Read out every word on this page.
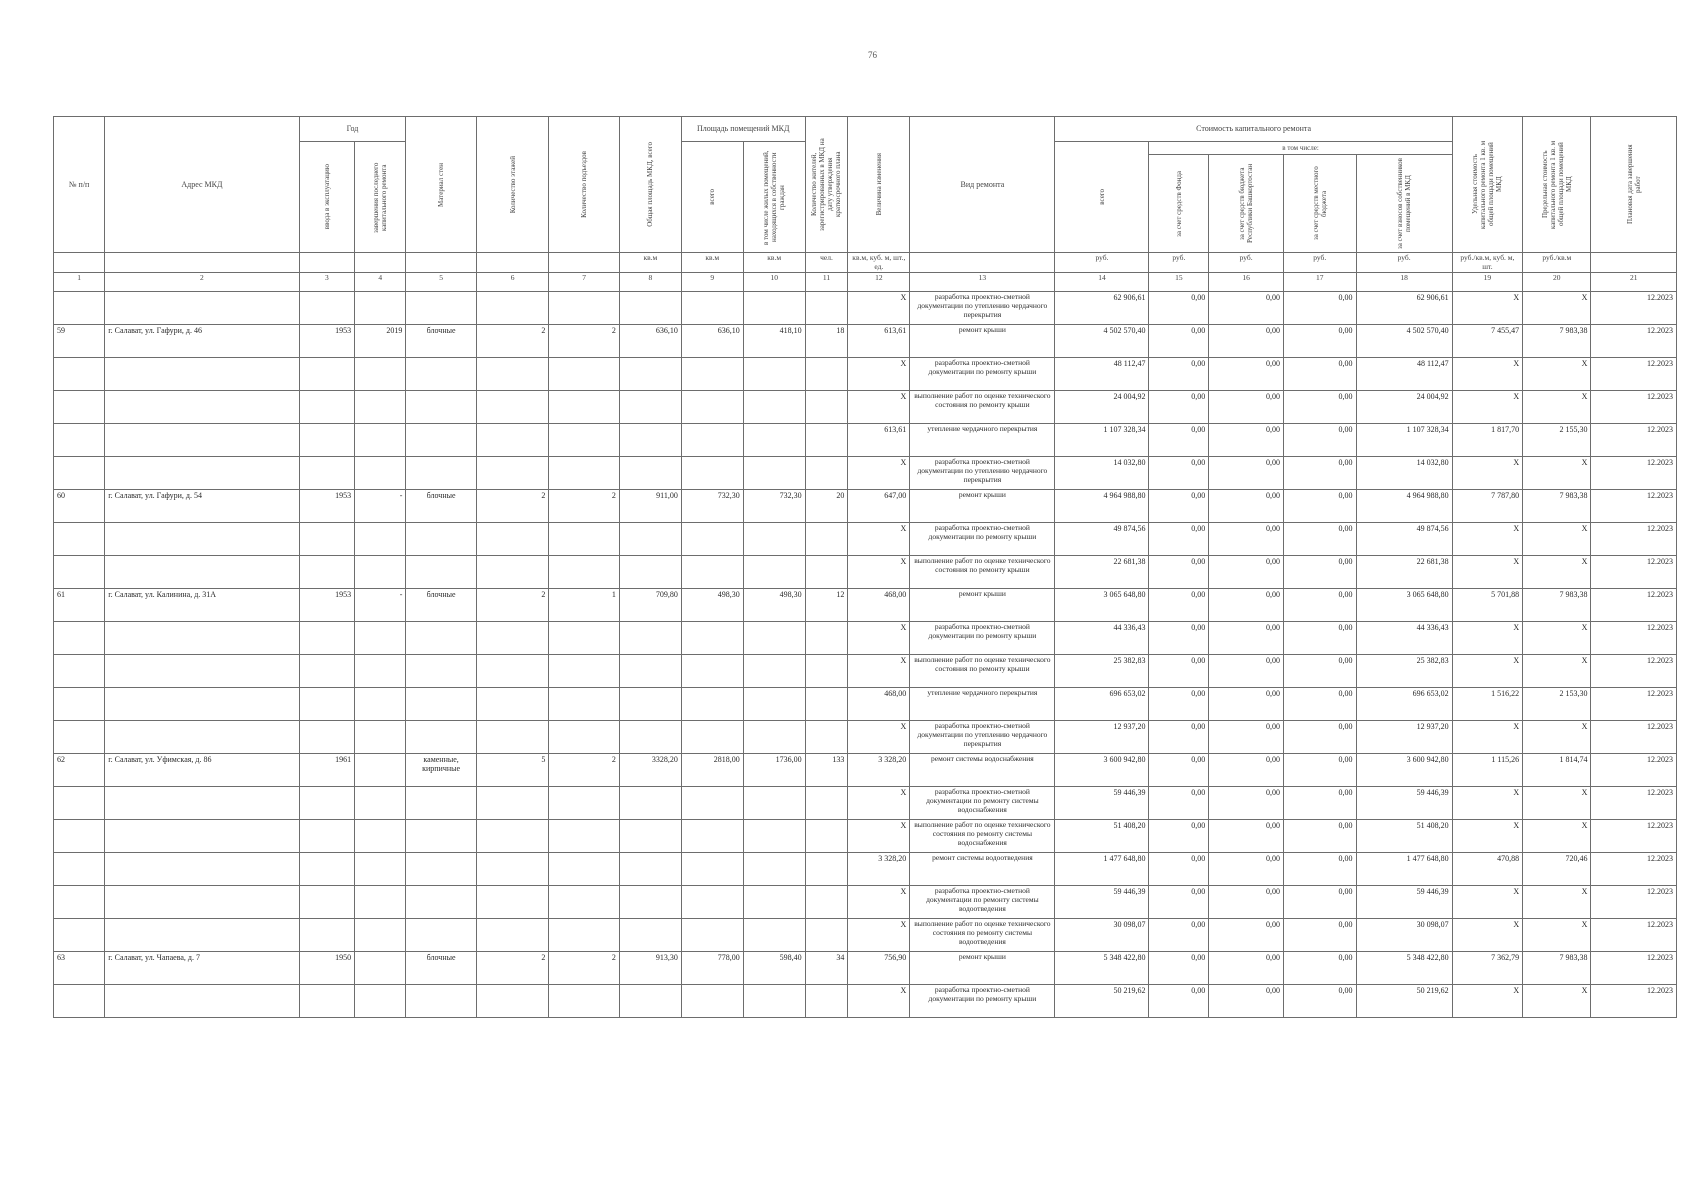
76
№ п/п	Адрес МКД	Год		Материал стен	Количество этажей	Количество подъездов	Общая площадь МКД, всего	Площадь помещений МКД		Количество жителей, зарегистрированных в МКД на дату утверждения краткосрочного плана	Величина изменения	Вид ремонта	Стоимость капитального ремонта					Удельная стоимость капитального ремонта 1 кв. м общей площади помещений МКД	Предельная стоимость капитального ремонта 1 кв. м общей площади помещений МКД	Плановая дата завершения работ

		ввода в эксплуатацию	завершения последнего капитального ремонта					всего	в том числе жилых помещений, находящихся в собственности граждан				всего	в том числе:						

														за счет средств Фонда	за счет средств бюджета Республики Башкортостан	за счет средств местного бюджета	за счет взносов собственников помещений в МКД			

							кв.м	кв.м	кв.м	чел.	кв.м, куб. м, шт., ед.		руб.	руб.	руб.	руб.	руб.	руб./кв.м, куб. м, шт.	руб./кв.м	
1	2	3	4	5	6	7	8	9	10	11	12	13	14	15	16	17	18	19	20	21
											X	разработка проектно-сметной документации по утеплению чердачного перекрытия	62 906,61	0,00	0,00	0,00	62 906,61	X	X	12.2023
59	г. Салават, ул. Гафури, д. 46	1953	2019	блочные	2	2	636,10	636,10	418,10	18	613,61	ремонт крыши	4 502 570,40	0,00	0,00	0,00	4 502 570,40	7 455,47	7 983,38	12.2023
											X	разработка проектно-сметной документации по ремонту крыши	48 112,47	0,00	0,00	0,00	48 112,47	X	X	12.2023
											X	выполнение работ по оценке технического состояния по ремонту крыши	24 004,92	0,00	0,00	0,00	24 004,92	X	X	12.2023
											613,61	утепление чердачного перекрытия	1 107 328,34	0,00	0,00	0,00	1 107 328,34	1 817,70	2 155,30	12.2023
											X	разработка проектно-сметной документации по утеплению чердачного перекрытия	14 032,80	0,00	0,00	0,00	14 032,80	X	X	12.2023
60	г. Салават, ул. Гафури, д. 54	1953	-	блочные	2	2	911,00	732,30	732,30	20	647,00	ремонт крыши	4 964 988,80	0,00	0,00	0,00	4 964 988,80	7 787,80	7 983,38	12.2023
											X	разработка проектно-сметной документации по ремонту крыши	49 874,56	0,00	0,00	0,00	49 874,56	X	X	12.2023
											X	выполнение работ по оценке технического состояния по ремонту крыши	22 681,38	0,00	0,00	0,00	22 681,38	X	X	12.2023
61	г. Салават, ул. Калинина, д. 31А	1953	-	блочные	2	1	709,80	498,30	498,30	12	468,00	ремонт крыши	3 065 648,80	0,00	0,00	0,00	3 065 648,80	5 701,88	7 983,38	12.2023
											X	разработка проектно-сметной документации по ремонту крыши	44 336,43	0,00	0,00	0,00	44 336,43	X	X	12.2023
											X	выполнение работ по оценке технического состояния по ремонту крыши	25 382,83	0,00	0,00	0,00	25 382,83	X	X	12.2023
											468,00	утепление чердачного перекрытия	696 653,02	0,00	0,00	0,00	696 653,02	1 516,22	2 153,30	12.2023
											X	разработка проектно-сметной документации по утеплению чердачного перекрытия	12 937,20	0,00	0,00	0,00	12 937,20	X	X	12.2023
62	г. Салават, ул. Уфимская, д. 86	1961		каменные, кирпичные	5	2	3328,20	2818,00	1736,00	133	3 328,20	ремонт системы водоснабжения	3 600 942,80	0,00	0,00	0,00	3 600 942,80	1 115,26	1 814,74	12.2023
											X	разработка проектно-сметной документации по ремонту системы водоснабжения	59 446,39	0,00	0,00	0,00	59 446,39	X	X	12.2023
											X	выполнение работ по оценке технического состояния по ремонту системы водоснабжения	51 408,20	0,00	0,00	0,00	51 408,20	X	X	12.2023
											3 328,20	ремонт системы водоотведения	1 477 648,80	0,00	0,00	0,00	1 477 648,80	470,88	720,46	12.2023
											X	разработка проектно-сметной документации по ремонту системы водоотведения	59 446,39	0,00	0,00	0,00	59 446,39	X	X	12.2023
											X	выполнение работ по оценке технического состояния по ремонту системы водоотведения	30 098,07	0,00	0,00	0,00	30 098,07	X	X	12.2023
63	г. Салават, ул. Чапаева, д. 7	1950		блочные	2	2	913,30	778,00	598,40	34	756,90	ремонт крыши	5 348 422,80	0,00	0,00	0,00	5 348 422,80	7 362,79	7 983,38	12.2023
											X	разработка проектно-сметной документации по ремонту крыши	50 219,62	0,00	0,00	0,00	50 219,62	X	X	12.2023
